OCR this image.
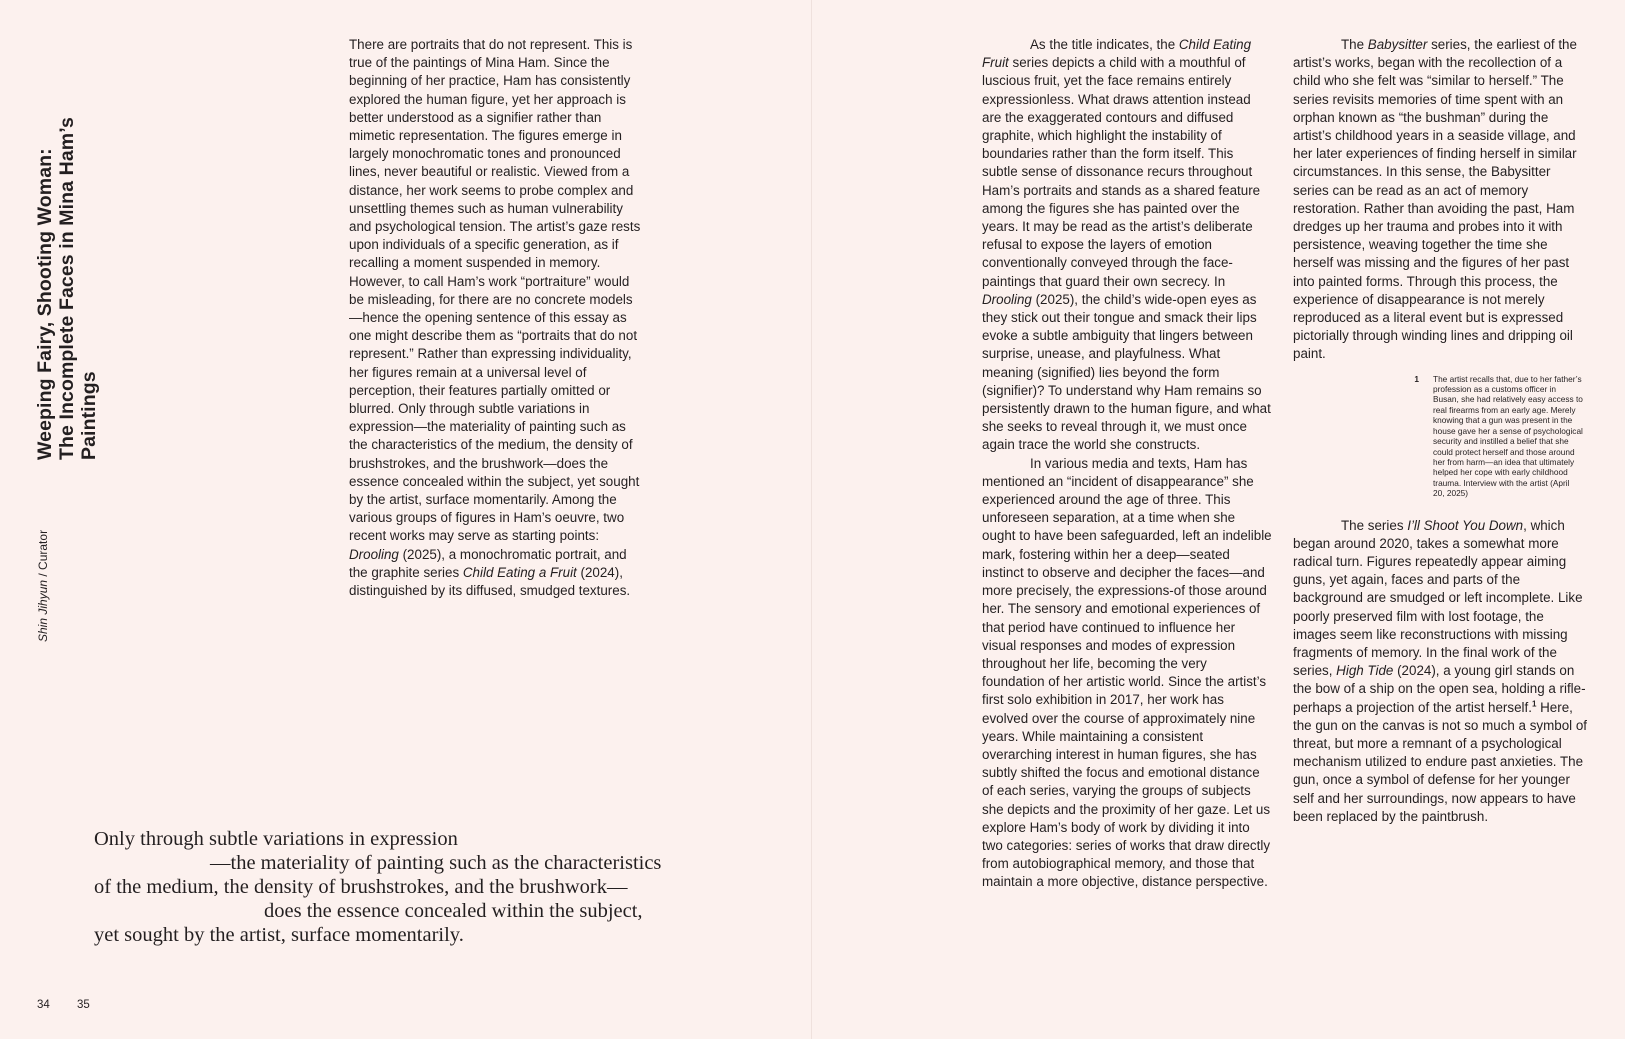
Weeping Fairy, Shooting Woman: The Incomplete Faces in Mina Ham’s Paintings
Shin Jihyun / Curator

There are portraits that do not represent. This is true of the paintings of Mina Ham. Since the beginning of her practice, Ham has consistently explored the human figure, yet her approach is better understood as a signifier rather than mimetic representation. The figures emerge in largely monochromatic tones and pronounced lines, never beautiful or realistic. Viewed from a distance, her work seems to probe complex and unsettling themes such as human vulnerability and psychological tension. The artist’s gaze rests upon individuals of a specific generation, as if recalling a moment suspended in memory. However, to call Ham’s work “portraiture” would be misleading, for there are no concrete models—hence the opening sentence of this essay as one might describe them as “portraits that do not represent.” Rather than expressing individuality, her figures remain at a universal level of perception, their features partially omitted or blurred. Only through subtle variations in expression—the materiality of painting such as the characteristics of the medium, the density of brushstrokes, and the brushwork—does the essence concealed within the subject, yet sought by the artist, surface momentarily. Among the various groups of figures in Ham’s oeuvre, two recent works may serve as starting points: Drooling (2025), a monochromatic portrait, and the graphite series Child Eating a Fruit (2024), distinguished by its diffused, smudged textures.

Only through subtle variations in expression
—the materiality of painting such as the characteristics
of the medium, the density of brushstrokes, and the brushwork—
does the essence concealed within the subject,
yet sought by the artist, surface momentarily.
34

As the title indicates, the Child Eating Fruit series depicts a child with a mouthful of luscious fruit, yet the face remains entirely expressionless. What draws attention instead are the exaggerated contours and diffused graphite, which highlight the instability of boundaries rather than the form itself. This subtle sense of dissonance recurs throughout Ham’s portraits and stands as a shared feature among the figures she has painted over the years. It may be read as the artist’s deliberate refusal to expose the layers of emotion conventionally conveyed through the face-paintings that guard their own secrecy. In Drooling (2025), the child’s wide-open eyes as they stick out their tongue and smack their lips evoke a subtle ambiguity that lingers between surprise, unease, and playfulness. What meaning (signified) lies beyond the form (signifier)? To understand why Ham remains so persistently drawn to the human figure, and what she seeks to reveal through it, we must once again trace the world she constructs.

In various media and texts, Ham has mentioned an “incident of disappearance” she experienced around the age of three. This unforeseen separation, at a time when she ought to have been safeguarded, left an indelible mark, fostering within her a deep—seated instinct to observe and decipher the faces—and more precisely, the expressions-of those around her. The sensory and emotional experiences of that period have continued to influence her visual responses and modes of expression throughout her life, becoming the very foundation of her artistic world. Since the artist’s first solo exhibition in 2017, her work has evolved over the course of approximately nine years. While maintaining a consistent overarching interest in human figures, she has subtly shifted the focus and emotional distance of each series, varying the groups of subjects she depicts and the proximity of her gaze. Let us explore Ham’s body of work by dividing it into two categories: series of works that draw directly from autobiographical memory, and those that maintain a more objective, distance perspective.

The Babysitter series, the earliest of the artist’s works, began with the recollection of a child who she felt was “similar to herself.” The series revisits memories of time spent with an orphan known as “the bushman” during the artist’s childhood years in a seaside village, and her later experiences of finding herself in similar circumstances. In this sense, the Babysitter series can be read as an act of memory restoration. Rather than avoiding the past, Ham dredges up her trauma and probes into it with persistence, weaving together the time she herself was missing and the figures of her past into painted forms. Through this process, the experience of disappearance is not merely reproduced as a literal event but is expressed pictorially through winding lines and dripping oil paint.

1	The artist recalls that, due to her father’s profession as a customs officer in Busan, she had relatively easy access to real firearms from an early age. Merely knowing that a gun was present in the house gave her a sense of psychological security and instilled a belief that she could protect herself and those around her from harm—an idea that ultimately helped her cope with early childhood trauma. Interview with the artist (April 20, 2025)

The series I’ll Shoot You Down, which began around 2020, takes a somewhat more radical turn. Figures repeatedly appear aiming guns, yet again, faces and parts of the background are smudged or left incomplete. Like poorly preserved film with lost footage, the images seem like reconstructions with missing fragments of memory. In the final work of the series, High Tide (2024), a young girl stands on the bow of a ship on the open sea, holding a rifle-perhaps a projection of the artist herself.$^1$ Here, the gun on the canvas is not so much a symbol of threat, but more a remnant of a psychological mechanism utilized to endure past anxieties. The gun, once a symbol of defense for her younger self and her surroundings, now appears to have been replaced by the paintbrush.

35
